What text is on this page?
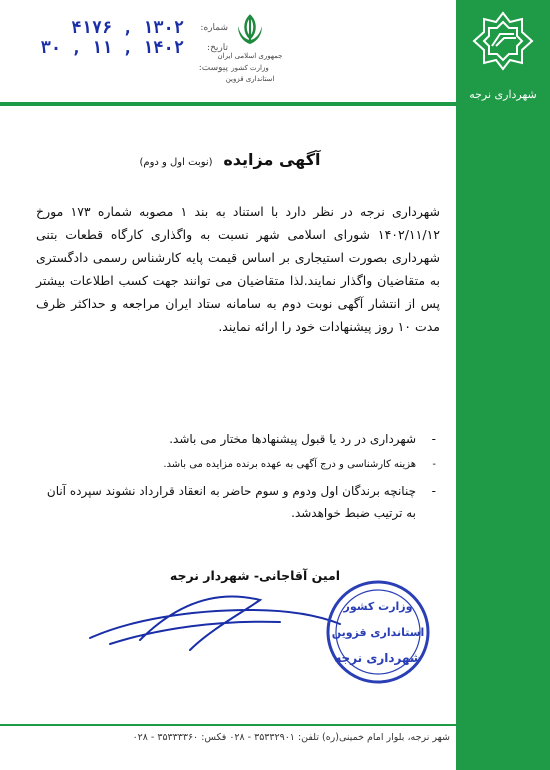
شهرداری نرجه
شماره:
۱۳۰۲ , ۴۱۷۶
تاریخ:
۱۴۰۲ , ۱۱ , ۳۰
پیوست:
جمهوری اسلامی ایران
وزارت کشور
استانداری قزوین
آگهی مزایده (نوبت اول و دوم)
شهرداری نرجه در نظر دارد با استناد به بند ۱ مصوبه شماره ۱۷۳ مورخ ۱۴۰۲/۱۱/۱۲ شورای اسلامی شهر نسبت به واگذاری کارگاه قطعات بتنی شهرداری بصورت استیجاری بر اساس قیمت پایه کارشناس رسمی دادگستری به متقاضیان واگذار نمایند.لذا متقاضیان می توانند جهت کسب اطلاعات بیشتر پس از انتشار آگهی نوبت دوم به سامانه ستاد ایران مراجعه و حداکثر ظرف مدت ۱۰ روز پیشنهادات خود را ارائه نمایند.
- شهرداری در رد یا قبول پیشنهادها مختار می باشد.
- هزینه کارشناسی و درج آگهی به عهده برنده مزایده می باشد.
- چنانچه برندگان اول ودوم و سوم حاضر به انعقاد قرارداد نشوند سپرده آنان به ترتیب ضبط خواهدشد.
امین آقاجانی- شهردار نرجه
وزارت کشور
استانداری قزوین
شهرداری نرجه
شهر نرجه، بلوار امام خمینی(ره) تلفن: ۳۵۳۳۲۹۰۱ - ۰۲۸ فکس: ۳۵۳۳۳۳۶۰ - ۰۲۸
